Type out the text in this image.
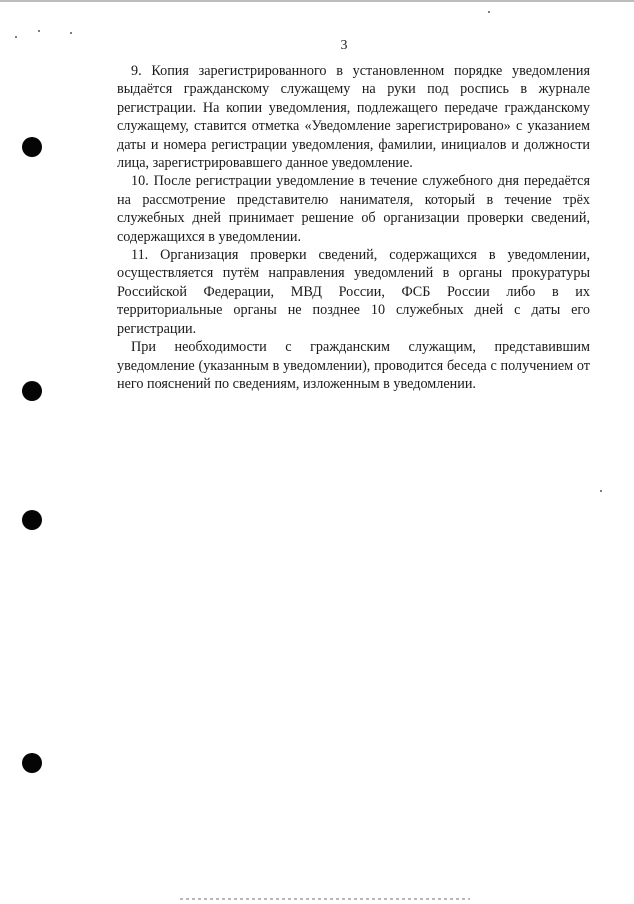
3

9. Копия зарегистрированного в установленном порядке уведомления выдаётся гражданскому служащему на руки под роспись в журнале регистрации. На копии уведомления, подлежащего передаче гражданскому служащему, ставится отметка «Уведомление зарегистрировано» с указанием даты и номера регистрации уведомления, фамилии, инициалов и должности лица, зарегистрировавшего данное уведомление.

10. После регистрации уведомление в течение служебного дня передаётся на рассмотрение представителю нанимателя, который в течение трёх служебных дней принимает решение об организации проверки сведений, содержащихся в уведомлении.

11. Организация проверки сведений, содержащихся в уведомлении, осуществляется путём направления уведомлений в органы прокуратуры Российской Федерации, МВД России, ФСБ России либо в их территориальные органы не позднее 10 служебных дней с даты его регистрации.

При необходимости с гражданским служащим, представившим уведомление (указанным в уведомлении), проводится беседа с получением от него пояснений по сведениям, изложенным в уведомлении.
